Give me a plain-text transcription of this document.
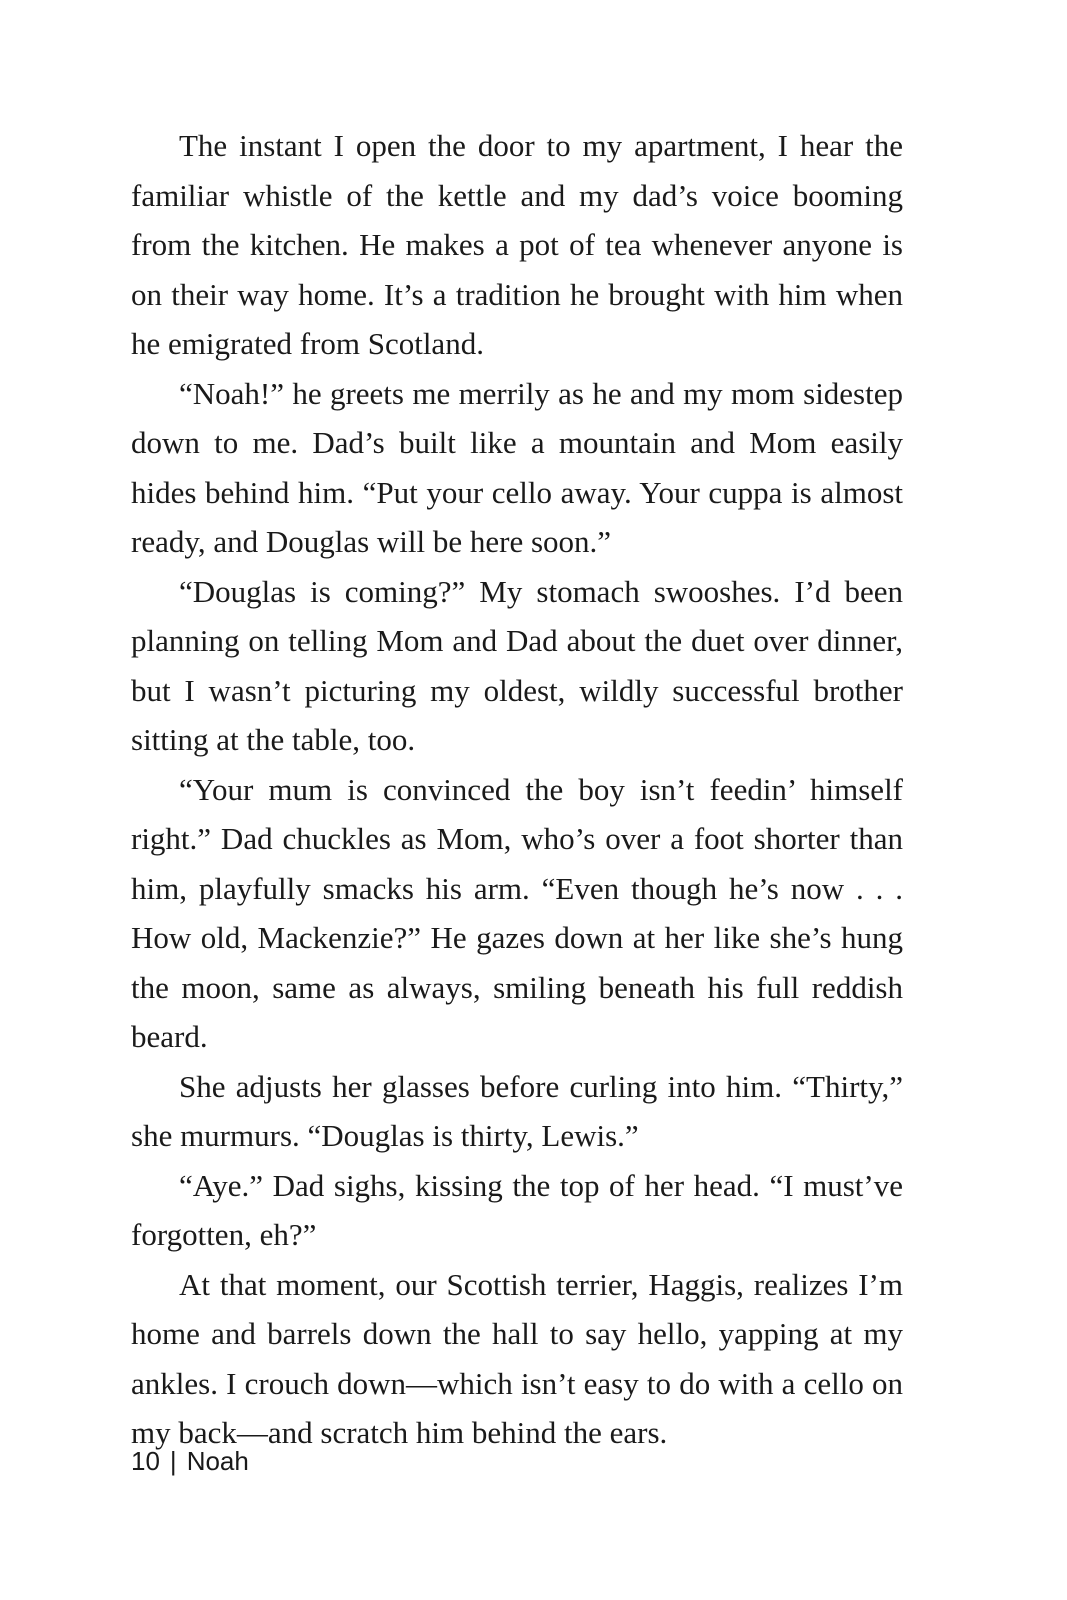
The instant I open the door to my apartment, I hear the familiar whistle of the kettle and my dad’s voice booming from the kitchen. He makes a pot of tea whenever anyone is on their way home. It’s a tradition he brought with him when he emigrated from Scotland.

“Noah!” he greets me merrily as he and my mom sidestep down to me. Dad’s built like a mountain and Mom easily hides behind him. “Put your cello away. Your cuppa is almost ready, and Douglas will be here soon.”

“Douglas is coming?” My stomach swooshes. I’d been planning on telling Mom and Dad about the duet over dinner, but I wasn’t picturing my oldest, wildly successful brother sitting at the table, too.

“Your mum is convinced the boy isn’t feedin’ himself right.” Dad chuckles as Mom, who’s over a foot shorter than him, playfully smacks his arm. “Even though he’s now . . . How old, Mackenzie?” He gazes down at her like she’s hung the moon, same as always, smiling beneath his full reddish beard.

She adjusts her glasses before curling into him. “Thirty,” she murmurs. “Douglas is thirty, Lewis.”

“Aye.” Dad sighs, kissing the top of her head. “I must’ve forgotten, eh?”

At that moment, our Scottish terrier, Haggis, realizes I’m home and barrels down the hall to say hello, yapping at my ankles. I crouch down—which isn’t easy to do with a cello on my back—and scratch him behind the ears.

10 | Noah
